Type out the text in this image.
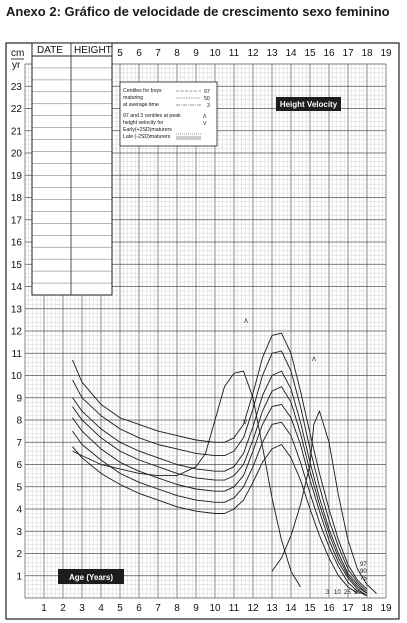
Anexo 2: Gráfico de velocidade de crescimento sexo feminino
1
2
3
4
5
6
7
8
9
10
11
12
13
14
15
16
17
18
19
20
21
22
23
1 2 3 4 5 6 7 8 9 10 11 12 13 14 15 16 17 18 19
5 6 7 8 9 10 11 12 13 14 15 16 17 18 19
cm
yr
DATE HEIGHT
Centiles for boys
maturing
at average time
97
50
3
97 and 3 centiles at peak
height velocity for
Early(+2SD)maturers
Late (-2SD)maturers
Λ
V
Height Velocity
Age (Years)
Λ
Λ
V
97
90
75
3 10 25 50
